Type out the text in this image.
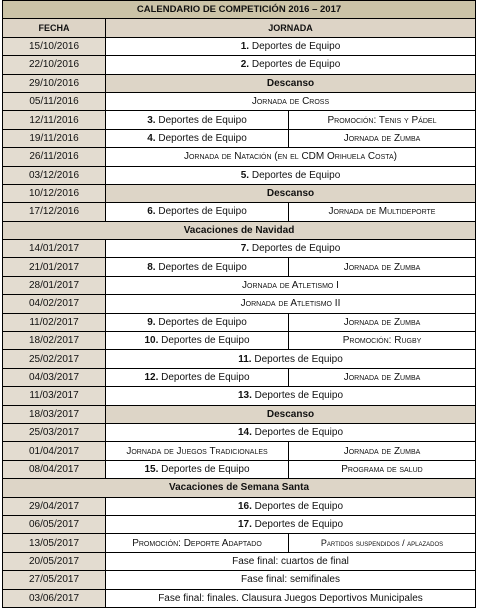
CALENDARIO DE COMPETICIÓN 2016 – 2017		
FECHA	JORNADA	
15/10/2016	1. Deportes de Equipo	
22/10/2016	2. Deportes de Equipo	
29/10/2016	Descanso	
05/11/2016	Jornada de Cross	
12/11/2016	3. Deportes de Equipo	Promoción: Tenis y Pádel
19/11/2016	4. Deportes de Equipo	Jornada de Zumba
26/11/2016	Jornada de Natación (en el CDM Orihuela Costa)	
03/12/2016	5. Deportes de Equipo	
10/12/2016	Descanso	
17/12/2016	6. Deportes de Equipo	Jornada de Multideporte
Vacaciones de Navidad		
14/01/2017	7. Deportes de Equipo	
21/01/2017	8. Deportes de Equipo	Jornada de Zumba
28/01/2017	Jornada de Atletismo I	
04/02/2017	Jornada de Atletismo II	
11/02/2017	9. Deportes de Equipo	Jornada de Zumba
18/02/2017	10. Deportes de Equipo	Promoción: Rugby
25/02/2017	11. Deportes de Equipo	
04/03/2017	12. Deportes de Equipo	Jornada de Zumba
11/03/2017	13. Deportes de Equipo	
18/03/2017	Descanso	
25/03/2017	14. Deportes de Equipo	
01/04/2017	Jornada de Juegos Tradicionales	Jornada de Zumba
08/04/2017	15. Deportes de Equipo	Programa de salud
Vacaciones de Semana Santa		
29/04/2017	16. Deportes de Equipo	
06/05/2017	17. Deportes de Equipo	
13/05/2017	Promoción: Deporte Adaptado	Partidos suspendidos / aplazados
20/05/2017	Fase final: cuartos de final	
27/05/2017	Fase final: semifinales	
03/06/2017	Fase final: finales. Clausura Juegos Deportivos Municipales	
